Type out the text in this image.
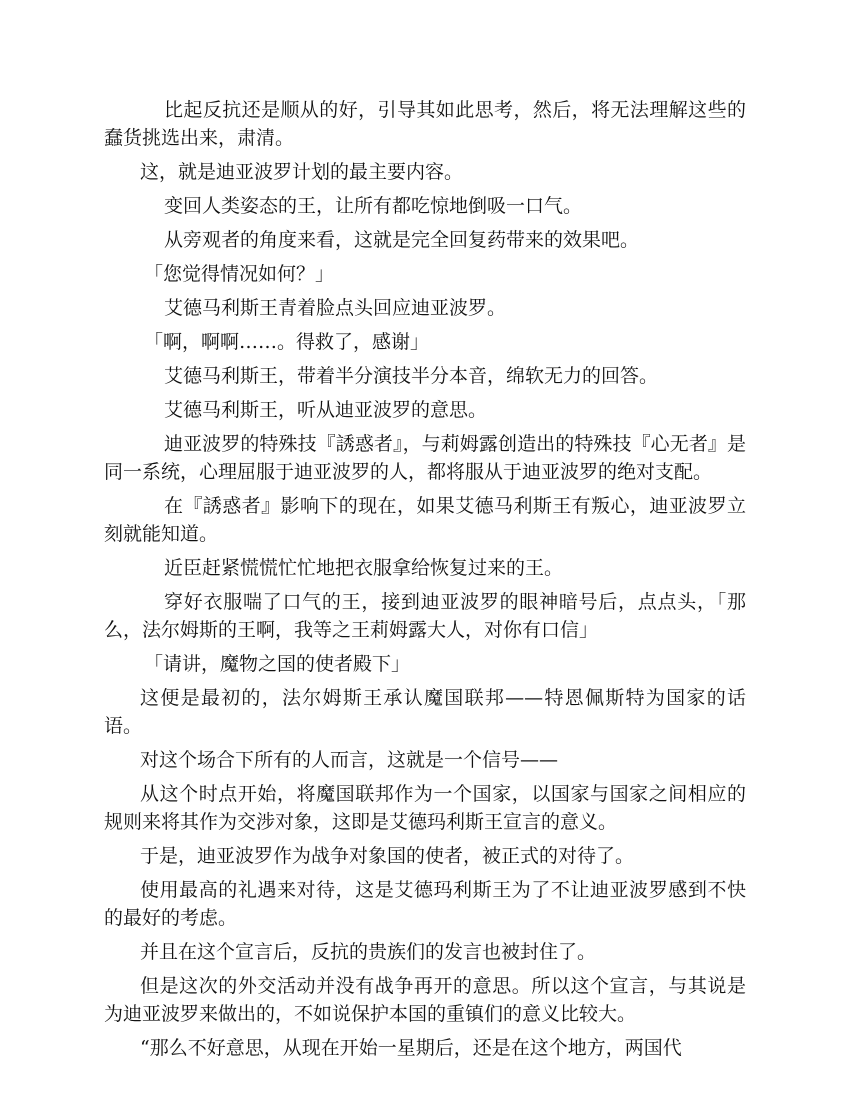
比起反抗还是顺从的好，引导其如此思考，然后，将无法理解这些的蠢货挑选出来，肃清。

这，就是迪亚波罗计划的最主要内容。

变回人类姿态的王，让所有都吃惊地倒吸一口气。

从旁观者的角度来看，这就是完全回复药带来的效果吧。

「您觉得情况如何？」

艾德马利斯王青着脸点头回应迪亚波罗。

「啊，啊啊……。得救了，感谢」

艾德马利斯王，带着半分演技半分本音，绵软无力的回答。

艾德马利斯王，听从迪亚波罗的意思。

迪亚波罗的特殊技『誘惑者』，与莉姆露创造出的特殊技『心无者』是同一系统，心理屈服于迪亚波罗的人，都将服从于迪亚波罗的绝对支配。

在『誘惑者』影响下的现在，如果艾德马利斯王有叛心，迪亚波罗立刻就能知道。

近臣赶紧慌慌忙忙地把衣服拿给恢复过来的王。

穿好衣服喘了口气的王，接到迪亚波罗的眼神暗号后，点点头，「那么，法尔姆斯的王啊，我等之王莉姆露大人，对你有口信」

「请讲，魔物之国的使者殿下」

这便是最初的，法尔姆斯王承认魔国联邦——特恩佩斯特为国家的话语。

对这个场合下所有的人而言，这就是一个信号——

从这个时点开始，将魔国联邦作为一个国家，以国家与国家之间相应的规则来将其作为交涉对象，这即是艾德玛利斯王宣言的意义。

于是，迪亚波罗作为战争对象国的使者，被正式的对待了。

使用最高的礼遇来对待，这是艾德玛利斯王为了不让迪亚波罗感到不快的最好的考虑。

并且在这个宣言后，反抗的贵族们的发言也被封住了。

但是这次的外交活动并没有战争再开的意思。所以这个宣言，与其说是为迪亚波罗来做出的，不如说保护本国的重镇们的意义比较大。

“那么不好意思，从现在开始一星期后，还是在这个地方，两国代
